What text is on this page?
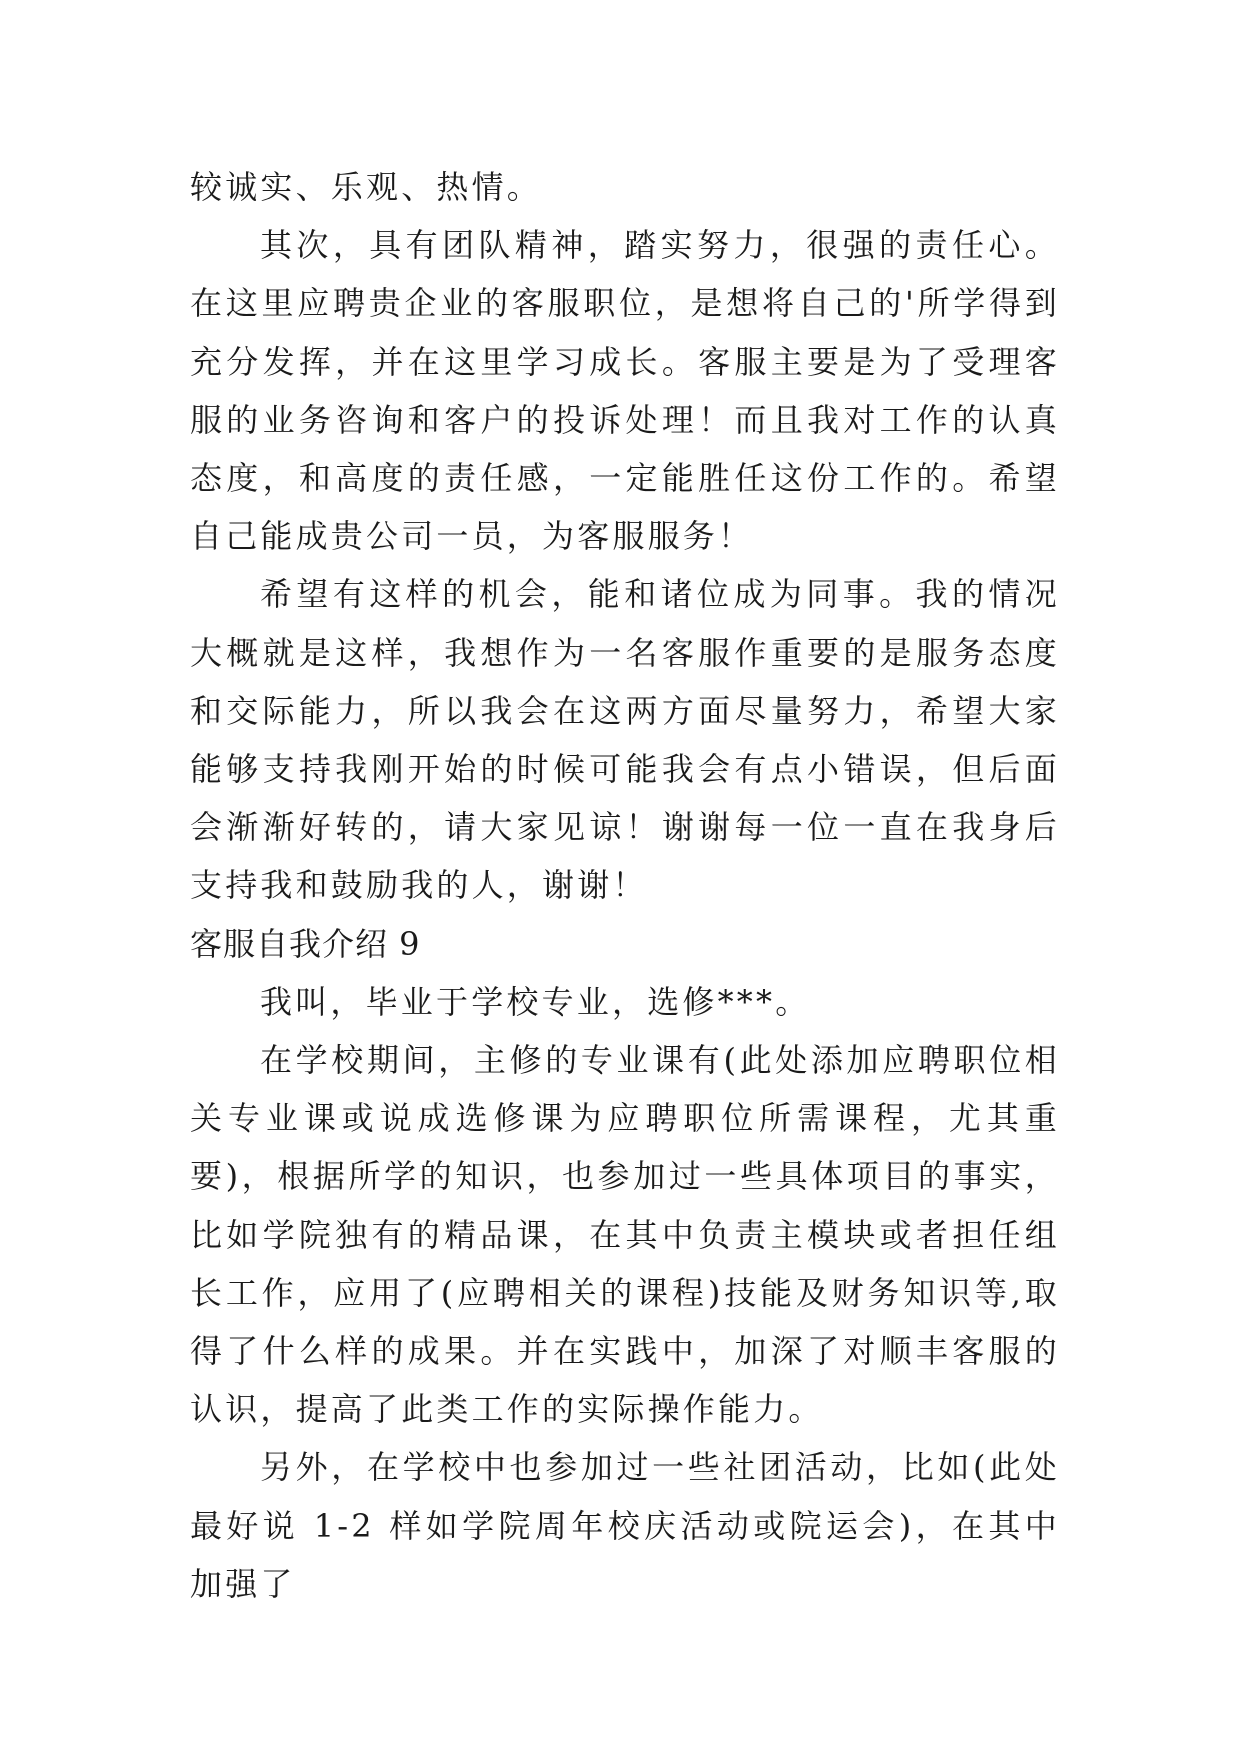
较诚实、乐观、热情。

其次，具有团队精神，踏实努力，很强的责任心。在这里应聘贵企业的客服职位，是想将自己的'所学得到充分发挥，并在这里学习成长。客服主要是为了受理客服的业务咨询和客户的投诉处理！而且我对工作的认真态度，和高度的责任感，一定能胜任这份工作的。希望自己能成贵公司一员，为客服服务！

希望有这样的机会，能和诸位成为同事。我的情况大概就是这样，我想作为一名客服作重要的是服务态度和交际能力，所以我会在这两方面尽量努力，希望大家能够支持我刚开始的时候可能我会有点小错误，但后面会渐渐好转的，请大家见谅！谢谢每一位一直在我身后支持我和鼓励我的人，谢谢！

客服自我介绍 9

我叫，毕业于学校专业，选修***。

在学校期间，主修的专业课有(此处添加应聘职位相关专业课或说成选修课为应聘职位所需课程，尤其重要)，根据所学的知识，也参加过一些具体项目的事实，比如学院独有的精品课，在其中负责主模块或者担任组长工作，应用了(应聘相关的课程)技能及财务知识等,取得了什么样的成果。并在实践中，加深了对顺丰客服的认识，提高了此类工作的实际操作能力。

另外，在学校中也参加过一些社团活动，比如(此处最好说 1-2 样如学院周年校庆活动或院运会)，在其中加强了
